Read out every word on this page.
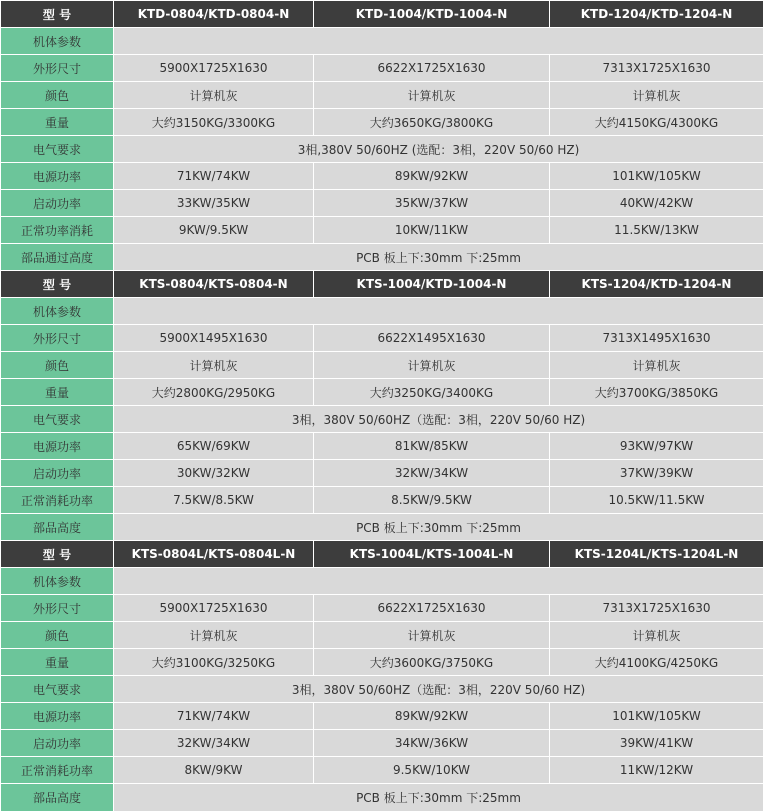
型 号	KTD-0804/KTD-0804-N	KTD-1004/KTD-1004-N	KTD-1204/KTD-1204-N
机体参数			
外形尺寸	5900X1725X1630	6622X1725X1630	7313X1725X1630
颜色	计算机灰	计算机灰	计算机灰
重量	大约3150KG/3300KG	大约3650KG/3800KG	大约4150KG/4300KG
电气要求	3相,380V 50/60HZ (选配：3相，220V 50/60 HZ)		
电源功率	71KW/74KW	89KW/92KW	101KW/105KW
启动功率	33KW/35KW	35KW/37KW	40KW/42KW
正常功率消耗	9KW/9.5KW	10KW/11KW	11.5KW/13KW
部品通过高度	PCB 板上下:30mm 下:25mm		
型 号	KTS-0804/KTS-0804-N	KTS-1004/KTD-1004-N	KTS-1204/KTD-1204-N
机体参数			
外形尺寸	5900X1495X1630	6622X1495X1630	7313X1495X1630
颜色	计算机灰	计算机灰	计算机灰
重量	大约2800KG/2950KG	大约3250KG/3400KG	大约3700KG/3850KG
电气要求	3相，380V 50/60HZ（选配：3相，220V 50/60 HZ)		
电源功率	65KW/69KW	81KW/85KW	93KW/97KW
启动功率	30KW/32KW	32KW/34KW	37KW/39KW
正常消耗功率	7.5KW/8.5KW	8.5KW/9.5KW	10.5KW/11.5KW
部品高度	PCB 板上下:30mm 下:25mm		
型 号	KTS-0804L/KTS-0804L-N	KTS-1004L/KTS-1004L-N	KTS-1204L/KTS-1204L-N
机体参数			
外形尺寸	5900X1725X1630	6622X1725X1630	7313X1725X1630
颜色	计算机灰	计算机灰	计算机灰
重量	大约3100KG/3250KG	大约3600KG/3750KG	大约4100KG/4250KG
电气要求	3相，380V 50/60HZ（选配：3相，220V 50/60 HZ)		
电源功率	71KW/74KW	89KW/92KW	101KW/105KW
启动功率	32KW/34KW	34KW/36KW	39KW/41KW
正常消耗功率	8KW/9KW	9.5KW/10KW	11KW/12KW
部品高度	PCB 板上下:30mm 下:25mm		
